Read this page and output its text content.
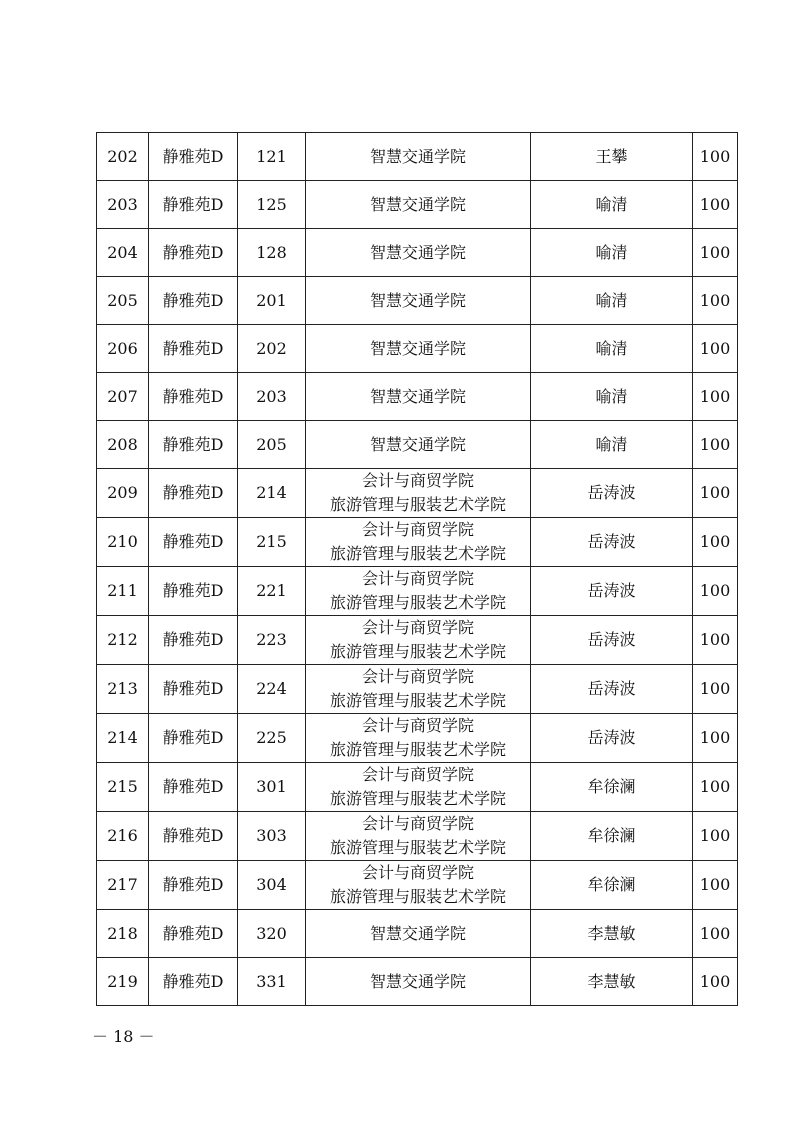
202	静雅苑D	121	智慧交通学院	王攀	100
203	静雅苑D	125	智慧交通学院	喻清	100
204	静雅苑D	128	智慧交通学院	喻清	100
205	静雅苑D	201	智慧交通学院	喻清	100
206	静雅苑D	202	智慧交通学院	喻清	100
207	静雅苑D	203	智慧交通学院	喻清	100
208	静雅苑D	205	智慧交通学院	喻清	100
209	静雅苑D	214	会计与商贸学院
旅游管理与服装艺术学院	岳涛波	100
210	静雅苑D	215	会计与商贸学院
旅游管理与服装艺术学院	岳涛波	100
211	静雅苑D	221	会计与商贸学院
旅游管理与服装艺术学院	岳涛波	100
212	静雅苑D	223	会计与商贸学院
旅游管理与服装艺术学院	岳涛波	100
213	静雅苑D	224	会计与商贸学院
旅游管理与服装艺术学院	岳涛波	100
214	静雅苑D	225	会计与商贸学院
旅游管理与服装艺术学院	岳涛波	100
215	静雅苑D	301	会计与商贸学院
旅游管理与服装艺术学院	牟徐澜	100
216	静雅苑D	303	会计与商贸学院
旅游管理与服装艺术学院	牟徐澜	100
217	静雅苑D	304	会计与商贸学院
旅游管理与服装艺术学院	牟徐澜	100
218	静雅苑D	320	智慧交通学院	李慧敏	100
219	静雅苑D	331	智慧交通学院	李慧敏	100
－ 18 －
